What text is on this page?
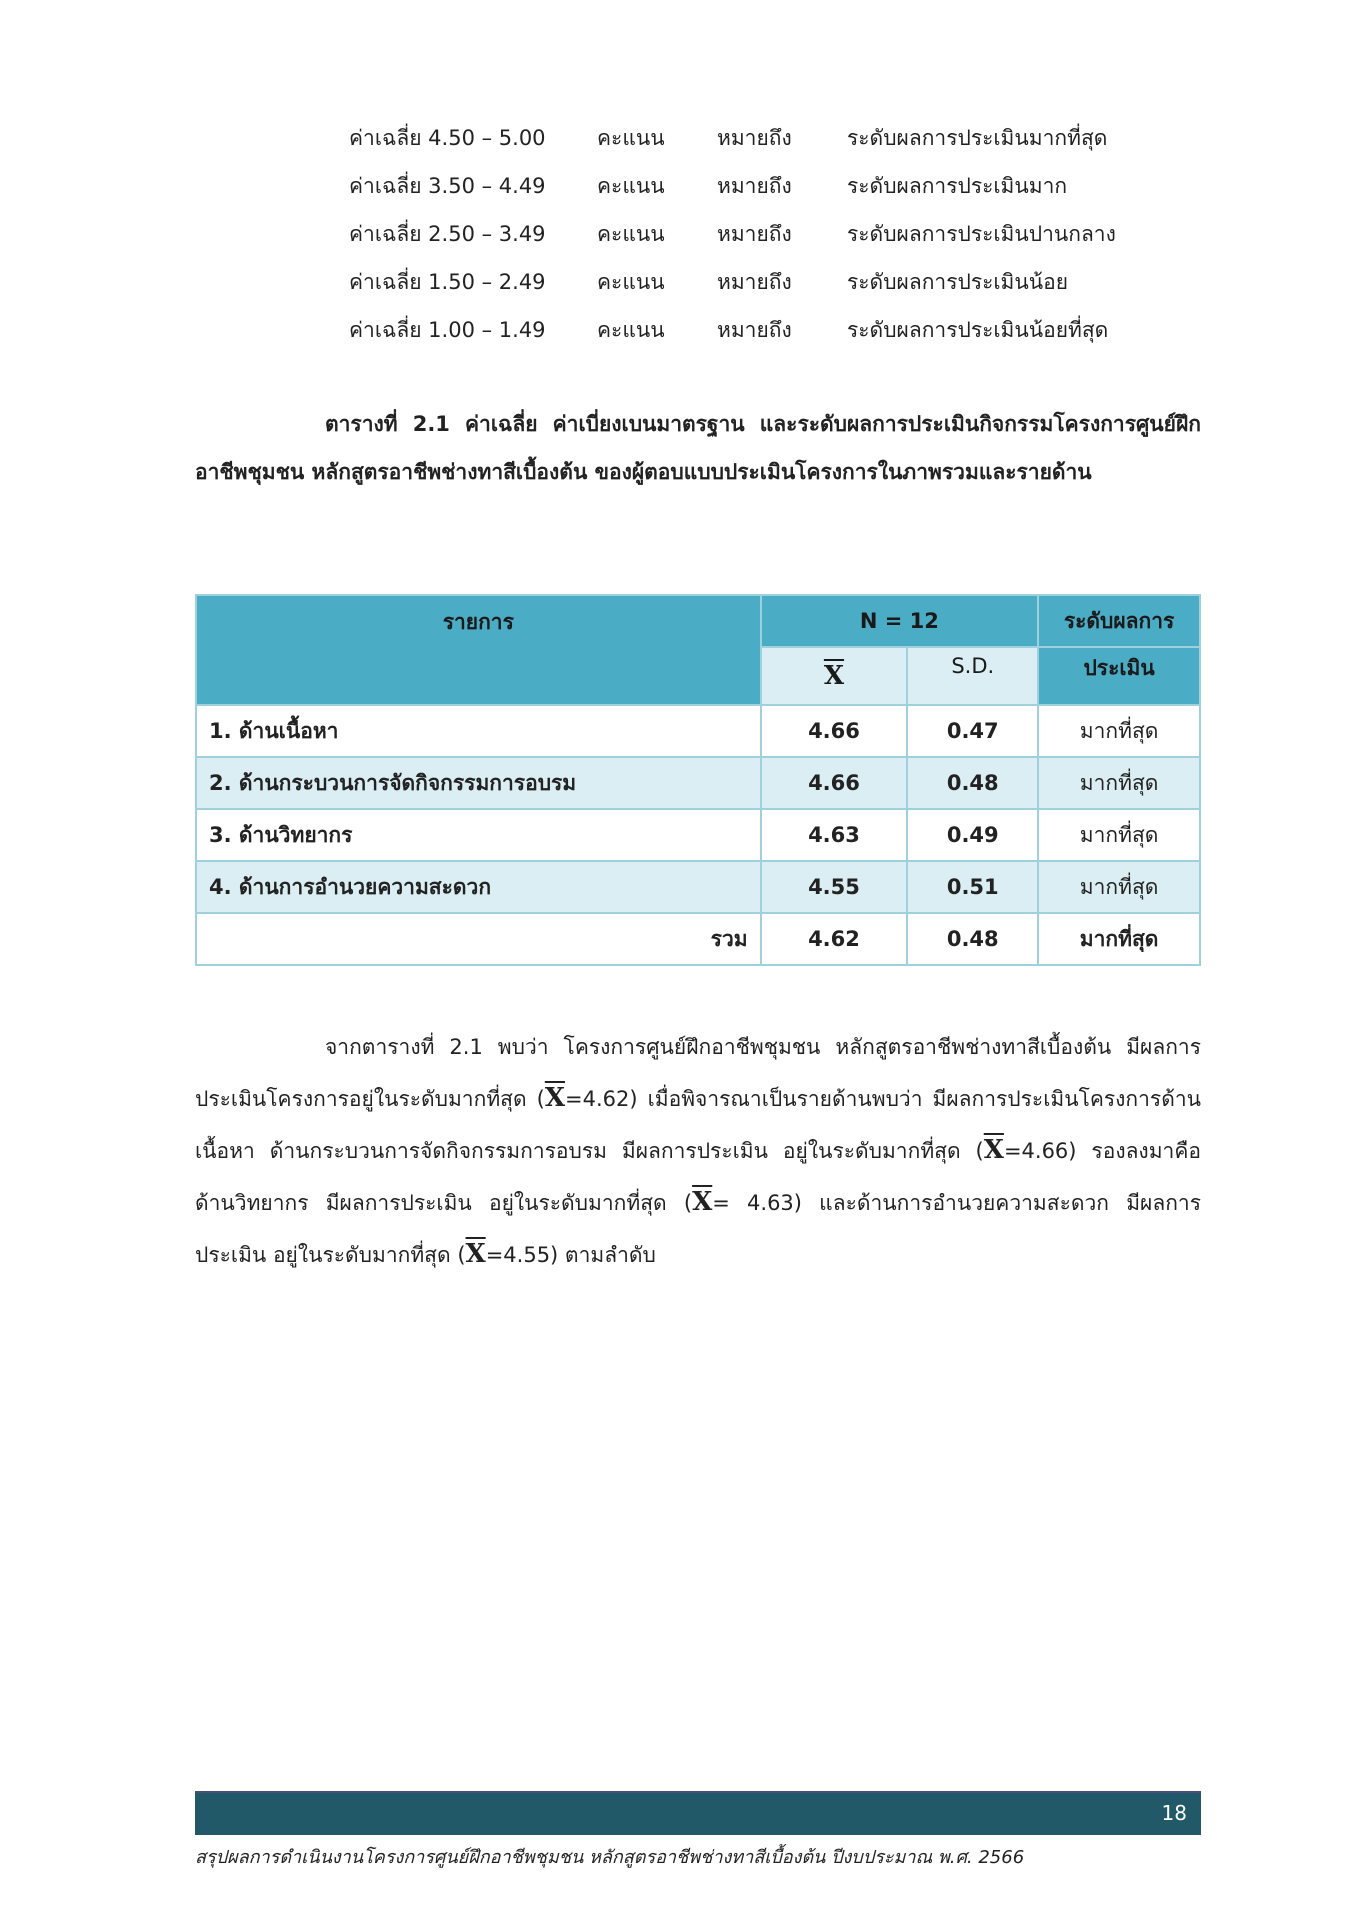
ค่าเฉลี่ย 4.50 – 5.00 คะแนน หมายถึง	ระดับผลการประเมินมากที่สุด
ค่าเฉลี่ย 3.50 – 4.49 คะแนน หมายถึง	ระดับผลการประเมินมาก
ค่าเฉลี่ย 2.50 – 3.49 คะแนน หมายถึง	ระดับผลการประเมินปานกลาง
ค่าเฉลี่ย 1.50 – 2.49 คะแนน หมายถึง	ระดับผลการประเมินน้อย
ค่าเฉลี่ย 1.00 – 1.49 คะแนน หมายถึง	ระดับผลการประเมินน้อยที่สุด
ตารางที่ 2.1 ค่าเฉลี่ย ค่าเบี่ยงเบนมาตรฐาน และระดับผลการประเมินกิจกรรมโครงการศูนย์ฝึกอาชีพชุมชน หลักสูตรอาชีพช่างทาสีเบื้องต้น ของผู้ตอบแบบประเมินโครงการในภาพรวมและรายด้าน
รายการ	N = 12		ระดับผลการ
	$\overline{X}$	S.D.	ประเมิน
1. ด้านเนื้อหา	4.66	0.47	มากที่สุด
2. ด้านกระบวนการจัดกิจกรรมการอบรม	4.66	0.48	มากที่สุด
3. ด้านวิทยากร	4.63	0.49	มากที่สุด
4. ด้านการอำนวยความสะดวก	4.55	0.51	มากที่สุด
รวม	4.62	0.48	มากที่สุด
จากตารางที่ 2.1 พบว่า โครงการศูนย์ฝึกอาชีพชุมชน หลักสูตรอาชีพช่างทาสีเบื้องต้น มีผลการประเมินโครงการอยู่ในระดับมากที่สุด $(\overline{X}=4.62)$ เมื่อพิจารณาเป็นรายด้านพบว่า มีผลการประเมินโครงการด้านเนื้อหา ด้านกระบวนการจัดกิจกรรมการอบรม มีผลการประเมิน อยู่ในระดับมากที่สุด $(\overline{X}=4.66)$ รองลงมาคือ ด้านวิทยากร มีผลการประเมิน อยู่ในระดับมากที่สุด $(\overline{X}= 4.63)$ และด้านการอำนวยความสะดวก มีผลการประเมิน อยู่ในระดับมากที่สุด $(\overline{X}=4.55)$ ตามลำดับ
18
สรุปผลการดำเนินงานโครงการศูนย์ฝึกอาชีพชุมชน หลักสูตรอาชีพช่างทาสีเบื้องต้น ปีงบประมาณ พ.ศ. 2566
